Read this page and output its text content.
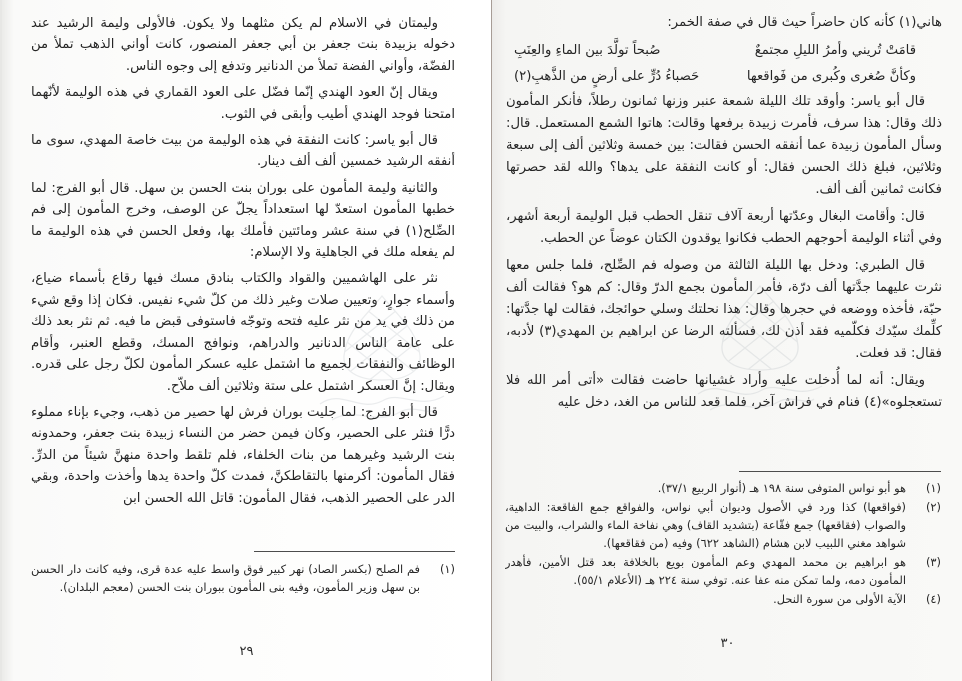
وليمتان في الاسلام لم يكن مثلهما ولا يكون. فالأولى وليمة الرشيد عند دخوله بزبيدة بنت جعفر بن أبي جعفر المنصور، كانت أواني الذهب تملأ من الفضّة، وأواني الفضة تملأ من الدنانير وتدفع إلى وجوه الناس.

ويقال إنّ العود الهندي إنّما فضّل على العود القماري في هذه الوليمة لأنّهما امتحنا فوجد الهندي أطيب وأبقى في الثوب.

قال أبو ياسر: كانت النفقة في هذه الوليمة من بيت خاصة المهدي، سوى ما أنفقه الرشيد خمسين ألف ألف دينار.

والثانية وليمة المأمون على بوران بنت الحسن بن سهل. قال أبو الفرج: لما خطبها المأمون استعدّ لها استعداداً يجلّ عن الوصف، وخرج المأمون إلى فم الصِّلح(١) في سنة عشر ومائتين فأملك بها، وفعل الحسن في هذه الوليمة ما لم يفعله ملك في الجاهلية ولا الإسلام:

نثر على الهاشميين والقواد والكتاب بنادق مسك فيها رقاع بأسماء ضياع، وأسماء جوارٍ، وتعيين صلات وغير ذلك من كلّ شيء نفيس. فكان إذا وقع شيء من ذلك في يد من نثر عليه فتحه وتوجّه فاستوفى قبض ما فيه. ثم نثر بعد ذلك على عامة الناس الدنانير والدراهم، ونوافج المسك، وقطع العنبر، وأقام الوظائف والنفقات لجميع ما اشتمل عليه عسكر المأمون لكلّ رجل على قدره. ويقال: إنَّ العسكر اشتمل على ستة وثلاثين ألف ملاّح.

قال أبو الفرج: لما جليت بوران فرش لها حصير من ذهب، وجيء بإناء مملوء درًّا فنثر على الحصير، وكان فيمن حضر من النساء زبيدة بنت جعفر، وحمدونه بنت الرشيد وغيرهما من بنات الخلفاء، فلم تلقط واحدة منهنَّ شيئاً من الدرِّ. فقال المأمون: أكرمنها بالتقاطكنَّ، فمدت كلّ واحدة يدها وأخذت واحدة، وبقي الدر على الحصير الذهب، فقال المأمون: قاتل الله الحسن ابن

(١)
فم الصلح (بكسر الصاد) نهر كبير فوق واسط عليه عدة قرى، وفيه كانت دار الحسن بن سهل وزير المأمون، وفيه بنى المأمون ببوران بنت الحسن (معجم البلدان).
٢٩

هاني(١) كأنه كان حاضراً حيث قال في صفة الخمر:

قامَتْ تُريني وأمرُ الليلِ مجتمعٌ
صُبحاً تولَّدَ بين الماءِ والعِنَبِ
وكأنَّ صُغرى وكُبرى من فَواقعها
حَصباءُ دُرٍّ على أرضٍ من الذَّهبِ(٢)

قال أبو ياسر: وأوقد تلك الليلة شمعة عنبر وزنها ثمانون رطلاً، فأنكر المأمون ذلك وقال: هذا سرف، فأمرت زبيدة برفعها وقالت: هاتوا الشمع المستعمل. قال: وسأل المأمون زبيدة عما أنفقه الحسن فقالت: بين خمسة وثلاثين ألف إلى سبعة وثلاثين، فبلغ ذلك الحسن فقال: أو كانت النفقة على يدها؟ والله لقد حصرتها فكانت ثمانين ألف ألف.

قال: وأقامت البغال وعدّتها أربعة آلاف تنقل الحطب قبل الوليمة أربعة أشهر، وفي أثناء الوليمة أحوجهم الحطب فكانوا يوقدون الكتان عوضاً عن الحطب.

قال الطبري: ودخل بها الليلة الثالثة من وصوله فم الصِّلح، فلما جلس معها نثرت عليهما جدَّتها ألف درّة، فأمر المأمون بجمع الدرّ وقال: كم هو؟ فقالت ألف حبّة، فأخذه ووضعه في حجرها وقال: هذا نحلتك وسلي حوائجك، فقالت لها جدَّتها: كلِّمك سيّدك فكلّميه فقد أذن لك، فسألته الرضا عن ابراهيم بن المهدي(٣) لأدبه، فقال: قد فعلت.

ويقال: أنه لما أُدخلت عليه وأراد غشيانها حاضت فقالت «أتى أمر الله فلا تستعجلوه»(٤) فنام في فراش آخر، فلما قعد للناس من الغد، دخل عليه

(١)
هو أبو نواس المتوفى سنة ١٩٨ هـ (أنوار الربيع ٣٧/١).
(٢)
(فواقعها) كذا ورد في الأصول وديوان أبي نواس، والفواقع جمع الفاقعة: الداهية، والصواب (فقاقعها) جمع فقّاعة (بتشديد القاف) وهي نفاخة الماء والشراب، والبيت من شواهد مغني اللبيب لابن هشام (الشاهد ٦٢٢) وفيه (من فقاقعها).
(٣)
هو ابراهيم بن محمد المهدي وعم المأمون بويع بالخلافة بعد قتل الأمين، فأهدر المأمون دمه، ولما تمكن منه عفا عنه. توفي سنة ٢٢٤ هـ (الأعلام ٥٥/١).
(٤)
الآية الأولى من سورة النحل.
٣٠
